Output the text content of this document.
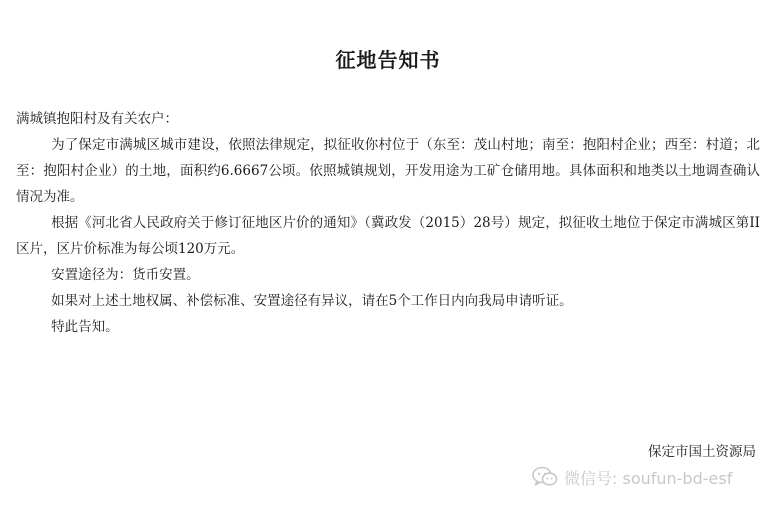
征地告知书

满城镇抱阳村及有关农户：

为了保定市满城区城市建设，依照法律规定，拟征收你村位于（东至：茂山村地；南至：抱阳村企业；西至：村道；北至：抱阳村企业）的土地，面积约6.6667公顷。依照城镇规划，开发用途为工矿仓储用地。具体面积和地类以土地调查确认情况为准。

根据《河北省人民政府关于修订征地区片价的通知》（冀政发（2015）28号）规定，拟征收土地位于保定市满城区第II区片，区片价标准为每公顷120万元。

安置途径为：货币安置。

如果对上述土地权属、补偿标准、安置途径有异议，请在5个工作日内向我局申请听证。

特此告知。

保定市国土资源局
微信号: soufun-bd-esf
